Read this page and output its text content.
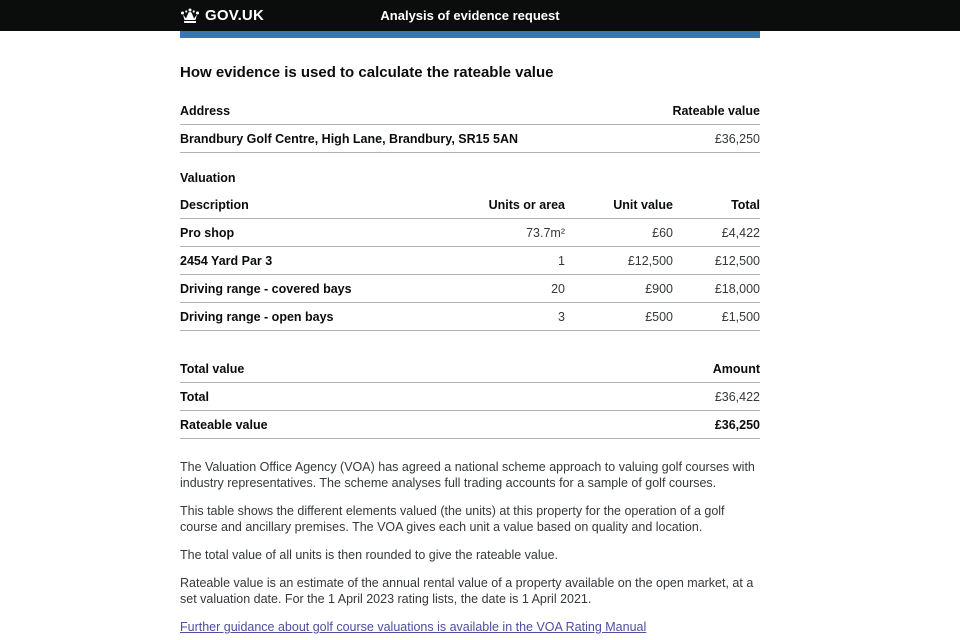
GOV.UK	Analysis of evidence request
How evidence is used to calculate the rateable value
Address	Rateable value
Brandbury Golf Centre, High Lane, Brandbury, SR15 5AN	£36,250
Valuation
Description	Units or area	Unit value	Total
Pro shop	73.7m²	£60	£4,422
2454 Yard Par 3	1	£12,500	£12,500
Driving range - covered bays	20	£900	£18,000
Driving range - open bays	3	£500	£1,500
Total value	Amount
Total	£36,422
Rateable value	£36,250

The Valuation Office Agency (VOA) has agreed a national scheme approach to valuing golf courses with industry representatives. The scheme analyses full trading accounts for a sample of golf courses.

This table shows the different elements valued (the units) at this property for the operation of a golf course and ancillary premises. The VOA gives each unit a value based on quality and location.

The total value of all units is then rounded to give the rateable value.

Rateable value is an estimate of the annual rental value of a property available on the open market, at a set valuation date. For the 1 April 2023 rating lists, the date is 1 April 2021.

Further guidance about golf course valuations is available in the VOA Rating Manual
